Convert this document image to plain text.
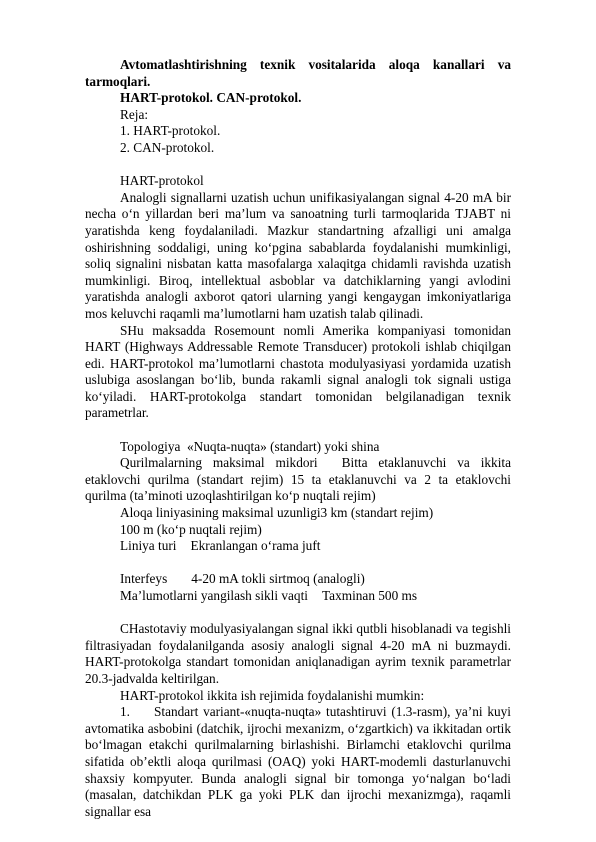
Avtomatlashtirishning texnik vositalarida aloqa kanallari va

tarmoqlari.

HART-protokol. CAN-protokol.

Reja:

1. HART-protokol.

2. CAN-protokol.

HART-protokol

Analogli signallarni uzatish uchun unifikasiyalangan signal 4-20 mA bir necha o‘n yillardan beri ma’lum va sanoatning turli tarmoqlarida TJABT ni yaratishda keng foydalaniladi. Mazkur standartning afzalligi uni amalga oshirishning soddaligi, uning ko‘pgina sabablarda foydalanishi mumkinligi, soliq signalini nisbatan katta masofalarga xalaqitga chidamli ravishda uzatish mumkinligi. Biroq, intellektual asboblar va datchiklarning yangi avlodini yaratishda analogli axborot qatori ularning yangi kengaygan imkoniyatlariga mos keluvchi raqamli ma’lumotlarni ham uzatish talab qilinadi.

SHu maksadda Rosemount nomli Amerika kompaniyasi tomonidan HART (Highways Addressable Remote Transducer) protokoli ishlab chiqilgan edi. HART-protokol ma’lumotlarni chastota modulyasiyasi yordamida uzatish uslubiga asoslangan bo‘lib, bunda rakamli signal analogli tok signali ustiga ko‘yiladi. HART-protokolga standart tomonidan belgilanadigan texnik parametrlar.

Topologiya «Nuqta-nuqta» (standart) yoki shina

Qurilmalarning maksimal mikdori Bitta etaklanuvchi va ikkita etaklovchi qurilma (standart rejim) 15 ta etaklanuvchi va 2 ta etaklovchi qurilma (ta’minoti uzoqlashtirilgan ko‘p nuqtali rejim)

Aloqa liniyasining maksimal uzunligi3 km (standart rejim)

100 m (ko‘p nuqtali rejim)

Liniya turi Ekranlangan o‘rama juft

Interfeys 4-20 mA tokli sirtmoq (analogli)

Ma’lumotlarni yangilash sikli vaqti Taxminan 500 ms

CHastotaviy modulyasiyalangan signal ikki qutbli hisoblanadi va tegishli filtrasiyadan foydalanilganda asosiy analogli signal 4-20 mA ni buzmaydi. HART-protokolga standart tomonidan aniqlanadigan ayrim texnik parametrlar 20.3-jadvalda keltirilgan.

HART-protokol ikkita ish rejimida foydalanishi mumkin:

1. Standart variant-«nuqta-nuqta» tutashtiruvi (1.3-rasm), ya’ni kuyi avtomatika asbobini (datchik, ijrochi mexanizm, o‘zgartkich) va ikkitadan ortik bo‘lmagan etakchi qurilmalarning birlashishi. Birlamchi etaklovchi qurilma sifatida ob’ektli aloqa qurilmasi (OAQ) yoki HART-modemli dasturlanuvchi shaxsiy kompyuter. Bunda analogli signal bir tomonga yo‘nalgan bo‘ladi (masalan, datchikdan PLK ga yoki PLK dan ijrochi mexanizmga), raqamli signallar esa
